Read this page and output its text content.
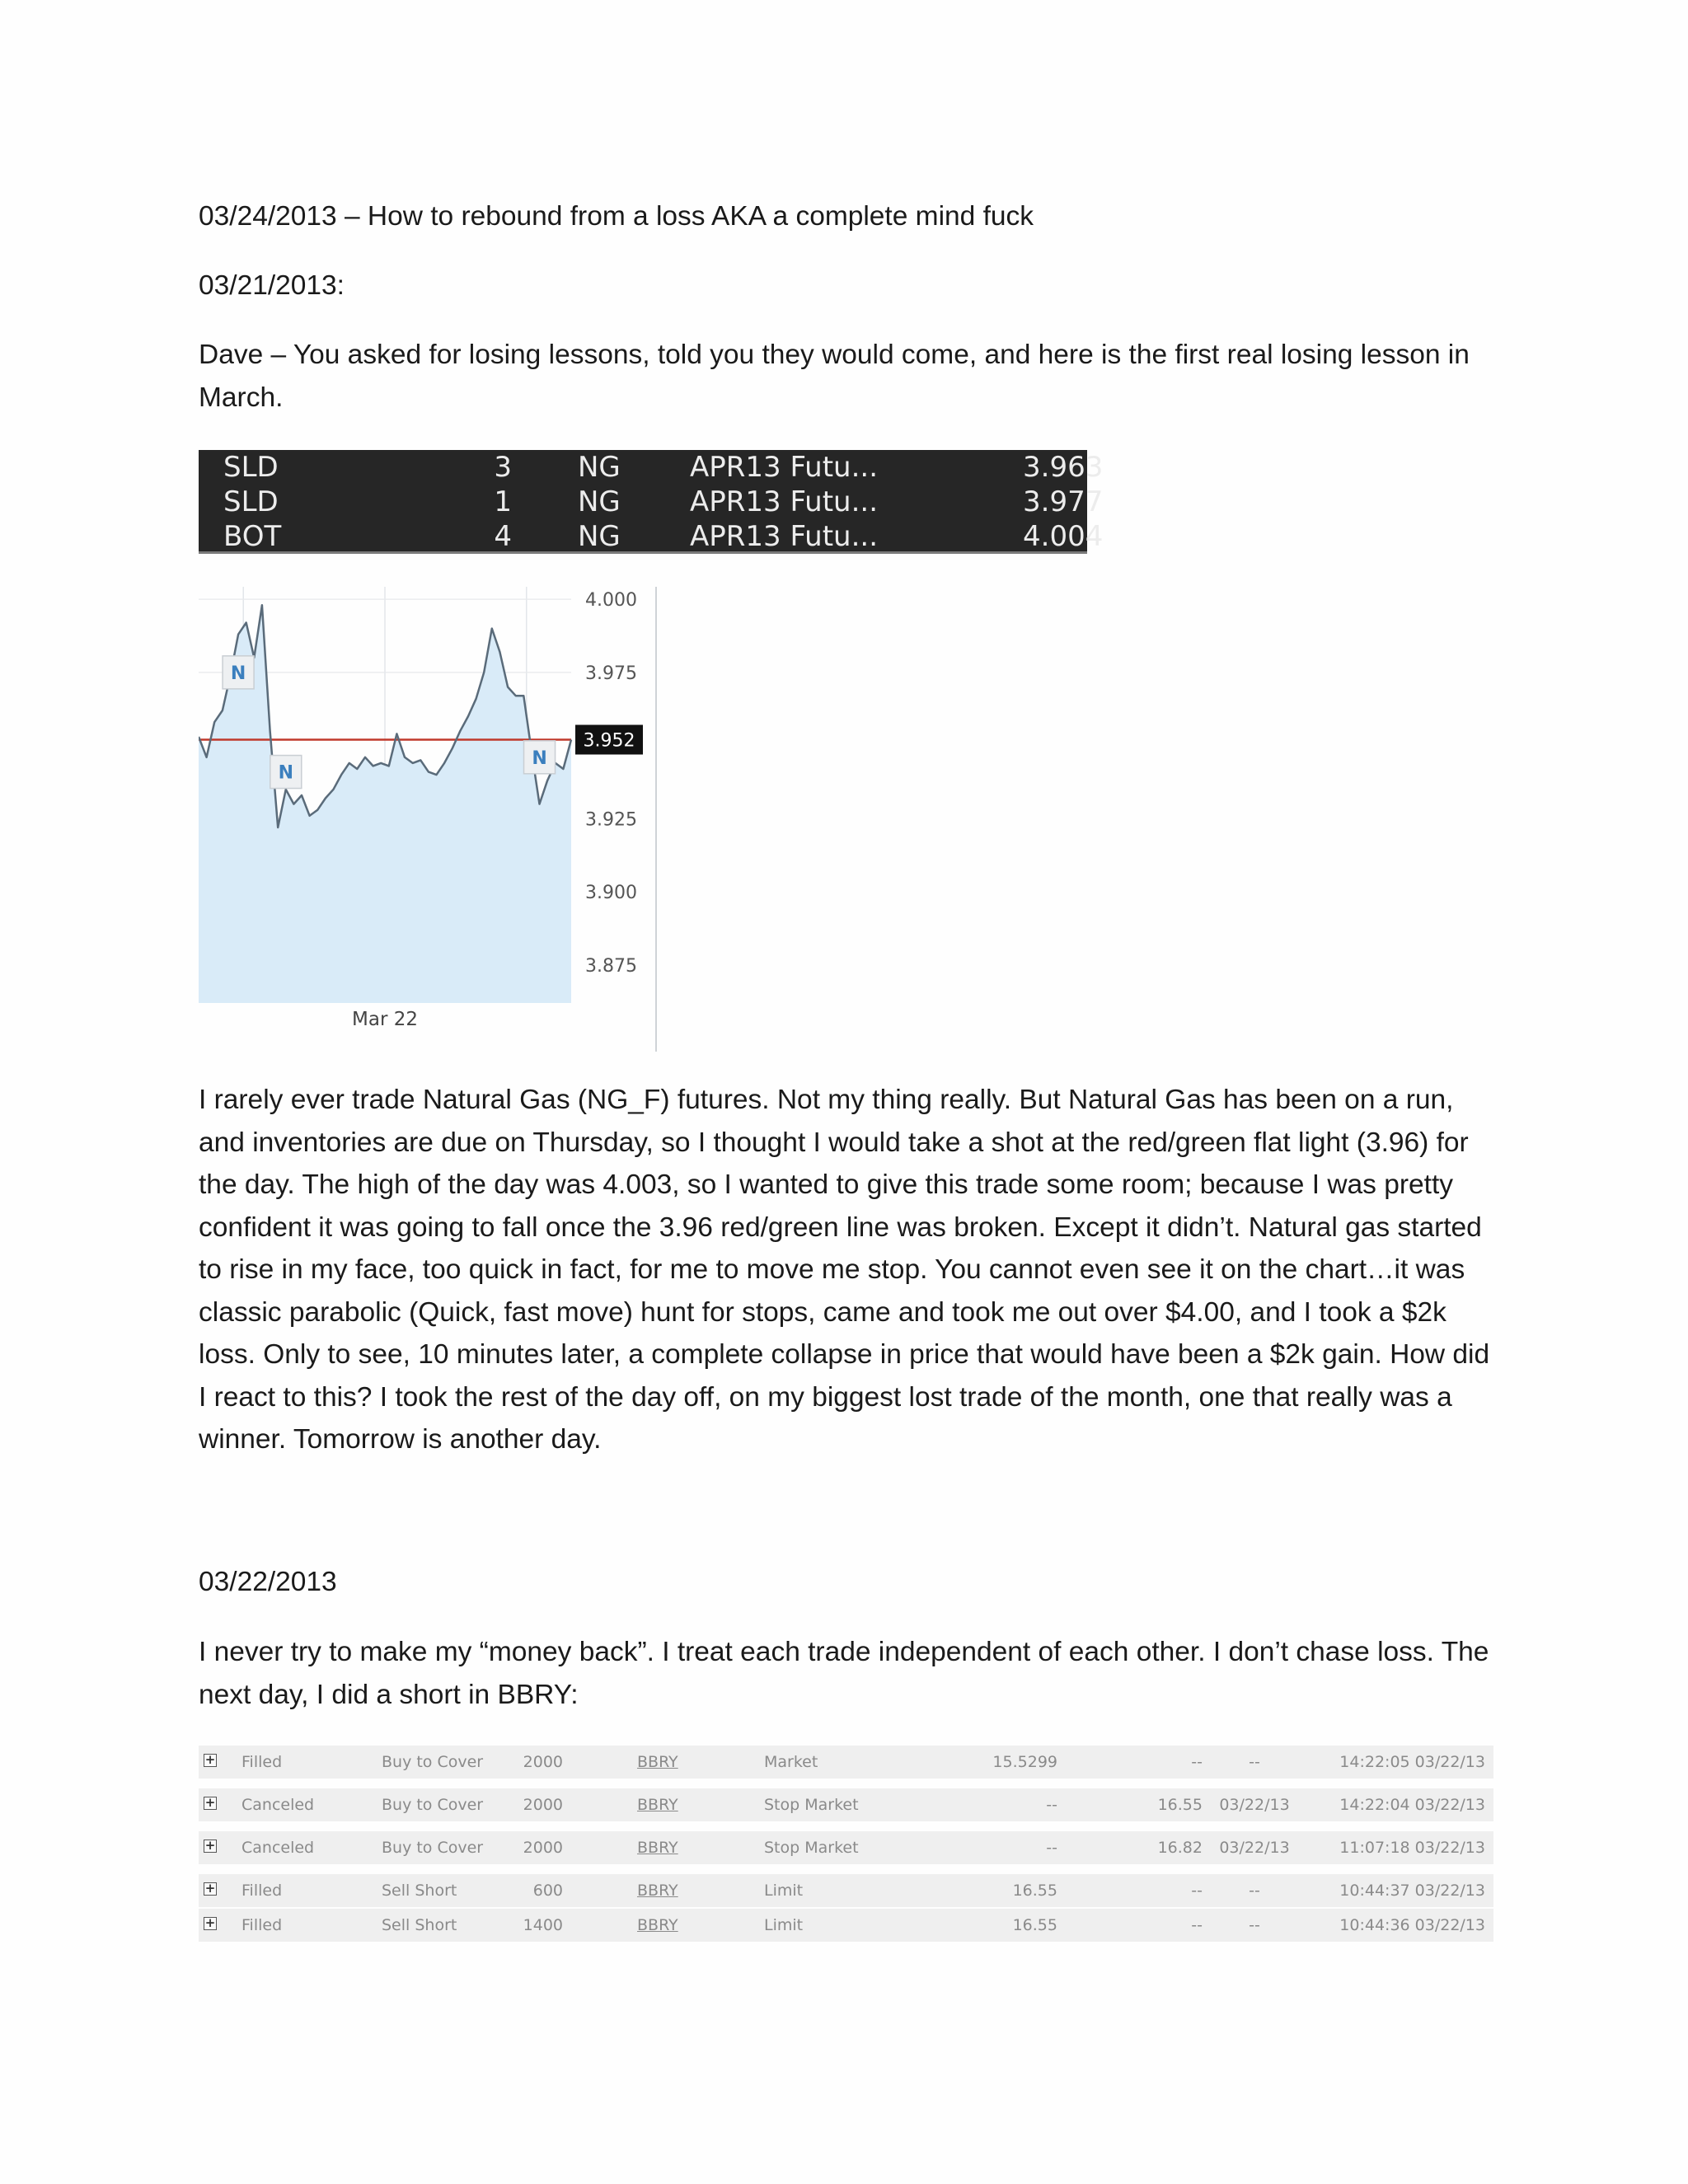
03/24/2013 – How to rebound from a loss AKA a complete mind fuck

03/21/2013:

Dave – You asked for losing lessons, told you they would come, and here is the first real losing lesson in March.

SLD	3 NG APR13 Futu...	3.963
SLD	1 NG APR13 Futu...	3.977
BOT	4 NG APR13 Futu...	4.004
N
N
N
4.000
3.975
3.925
3.900
3.875
3.952
Mar 22

I rarely ever trade Natural Gas (NG_F) futures. Not my thing really. But Natural Gas has been on a run, and inventories are due on Thursday, so I thought I would take a shot at the red/green flat light (3.96) for the day. The high of the day was 4.003, so I wanted to give this trade some room; because I was pretty confident it was going to fall once the 3.96 red/green line was broken. Except it didn’t. Natural gas started to rise in my face, too quick in fact, for me to move me stop. You cannot even see it on the chart…it was classic parabolic (Quick, fast move) hunt for stops, came and took me out over $4.00, and I took a $2k loss. Only to see, 10 minutes later, a complete collapse in price that would have been a $2k gain. How did I react to this? I took the rest of the day off, on my biggest lost trade of the month, one that really was a winner. Tomorrow is another day.

03/22/2013

I never try to make my “money back”. I treat each trade independent of each other. I don’t chase loss. The next day, I did a short in BBRY:

+ Filled	Buy to Cover	2000	BBRY	Market	15.5299	--	--	14:22:05 03/22/13
+ Canceled	Buy to Cover	2000	BBRY	Stop Market	--	16.55	03/22/13	14:22:04 03/22/13
+ Canceled	Buy to Cover	2000	BBRY	Stop Market	--	16.82	03/22/13	11:07:18 03/22/13
+ Filled	Sell Short	600	BBRY	Limit	16.55	--	--	10:44:37 03/22/13
+ Filled	Sell Short	1400	BBRY	Limit	16.55	--	--	10:44:36 03/22/13
